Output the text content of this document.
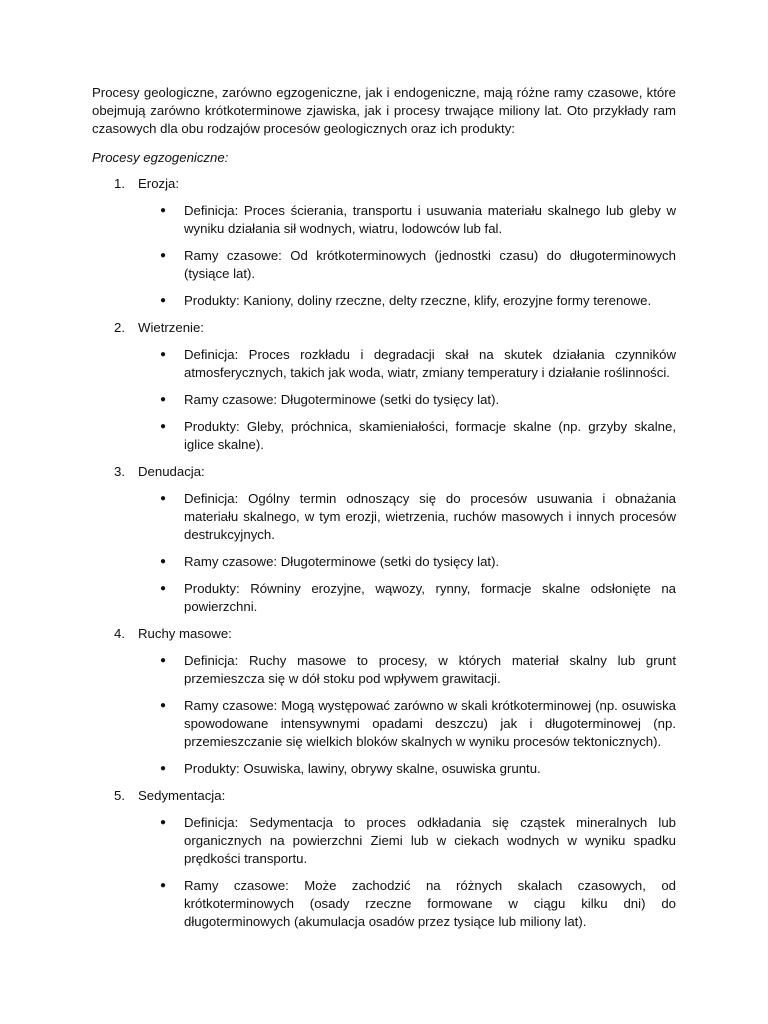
Procesy geologiczne, zarówno egzogeniczne, jak i endogeniczne, mają różne ramy czasowe, które obejmują zarówno krótkoterminowe zjawiska, jak i procesy trwające miliony lat. Oto przykłady ram czasowych dla obu rodzajów procesów geologicznych oraz ich produkty:

Procesy egzogeniczne:
1. Erozja:
● Definicja: Proces ścierania, transportu i usuwania materiału skalnego lub gleby w wyniku działania sił wodnych, wiatru, lodowców lub fal.
● Ramy czasowe: Od krótkoterminowych (jednostki czasu) do długoterminowych (tysiące lat).
● Produkty: Kaniony, doliny rzeczne, delty rzeczne, klify, erozyjne formy terenowe.
2. Wietrzenie:
● Definicja: Proces rozkładu i degradacji skał na skutek działania czynników atmosferycznych, takich jak woda, wiatr, zmiany temperatury i działanie roślinności.
● Ramy czasowe: Długoterminowe (setki do tysięcy lat).
● Produkty: Gleby, próchnica, skamieniałości, formacje skalne (np. grzyby skalne, iglice skalne).
3. Denudacja:
● Definicja: Ogólny termin odnoszący się do procesów usuwania i obnażania materiału skalnego, w tym erozji, wietrzenia, ruchów masowych i innych procesów destrukcyjnych.
● Ramy czasowe: Długoterminowe (setki do tysięcy lat).
● Produkty: Równiny erozyjne, wąwozy, rynny, formacje skalne odsłonięte na powierzchni.
4. Ruchy masowe:
● Definicja: Ruchy masowe to procesy, w których materiał skalny lub grunt przemieszcza się w dół stoku pod wpływem grawitacji.
● Ramy czasowe: Mogą występować zarówno w skali krótkoterminowej (np. osuwiska spowodowane intensywnymi opadami deszczu) jak i długoterminowej (np. przemieszczanie się wielkich bloków skalnych w wyniku procesów tektonicznych).
● Produkty: Osuwiska, lawiny, obrywy skalne, osuwiska gruntu.
5. Sedymentacja:
● Definicja: Sedymentacja to proces odkładania się cząstek mineralnych lub organicznych na powierzchni Ziemi lub w ciekach wodnych w wyniku spadku prędkości transportu.
● Ramy czasowe: Może zachodzić na różnych skalach czasowych, od krótkoterminowych (osady rzeczne formowane w ciągu kilku dni) do długoterminowych (akumulacja osadów przez tysiące lub miliony lat).
